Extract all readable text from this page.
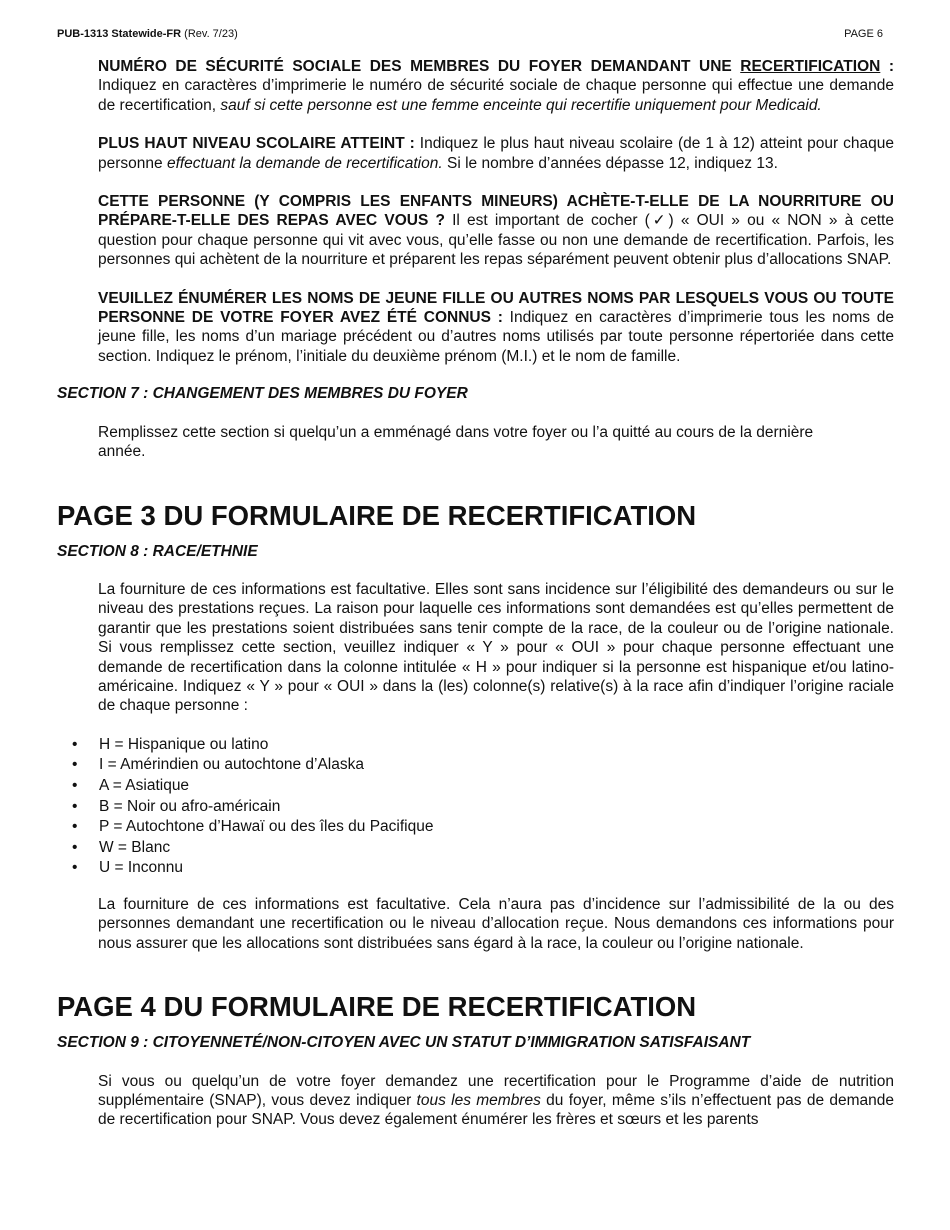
PUB-1313 Statewide-FR (Rev. 7/23)	PAGE 6

NUMÉRO DE SÉCURITÉ SOCIALE DES MEMBRES DU FOYER DEMANDANT UNE RECERTIFICATION : Indiquez en caractères d’imprimerie le numéro de sécurité sociale de chaque personne qui effectue une demande de recertification, sauf si cette personne est une femme enceinte qui recertifie uniquement pour Medicaid.

PLUS HAUT NIVEAU SCOLAIRE ATTEINT : Indiquez le plus haut niveau scolaire (de 1 à 12) atteint pour chaque personne effectuant la demande de recertification. Si le nombre d’années dépasse 12, indiquez 13.

CETTE PERSONNE (Y COMPRIS LES ENFANTS MINEURS) ACHÈTE-T-ELLE DE LA NOURRITURE OU PRÉPARE-T-ELLE DES REPAS AVEC VOUS ? Il est important de cocher (✓) « OUI » ou « NON » à cette question pour chaque personne qui vit avec vous, qu’elle fasse ou non une demande de recertification. Parfois, les personnes qui achètent de la nourriture et préparent les repas séparément peuvent obtenir plus d’allocations SNAP.

VEUILLEZ ÉNUMÉRER LES NOMS DE JEUNE FILLE OU AUTRES NOMS PAR LESQUELS VOUS OU TOUTE PERSONNE DE VOTRE FOYER AVEZ ÉTÉ CONNUS : Indiquez en caractères d’imprimerie tous les noms de jeune fille, les noms d’un mariage précédent ou d’autres noms utilisés par toute personne répertoriée dans cette section. Indiquez le prénom, l’initiale du deuxième prénom (M.I.) et le nom de famille.

SECTION 7 : CHANGEMENT DES MEMBRES DU FOYER

Remplissez cette section si quelqu’un a emménagé dans votre foyer ou l’a quitté au cours de la dernière année.

PAGE 3 DU FORMULAIRE DE RECERTIFICATION
SECTION 8 : RACE/ETHNIE

La fourniture de ces informations est facultative. Elles sont sans incidence sur l’éligibilité des demandeurs ou sur le niveau des prestations reçues. La raison pour laquelle ces informations sont demandées est qu’elles permettent de garantir que les prestations soient distribuées sans tenir compte de la race, de la couleur ou de l’origine nationale. Si vous remplissez cette section, veuillez indiquer « Y » pour « OUI » pour chaque personne effectuant une demande de recertification dans la colonne intitulée « H » pour indiquer si la personne est hispanique et/ou latino-américaine. Indiquez « Y » pour « OUI » dans la (les) colonne(s) relative(s) à la race afin d’indiquer l’origine raciale de chaque personne :

• H = Hispanique ou latino
• I = Amérindien ou autochtone d’Alaska
• A = Asiatique
• B = Noir ou afro-américain
• P = Autochtone d’Hawaï ou des îles du Pacifique
• W = Blanc
• U = Inconnu

La fourniture de ces informations est facultative. Cela n’aura pas d’incidence sur l’admissibilité de la ou des personnes demandant une recertification ou le niveau d’allocation reçue. Nous demandons ces informations pour nous assurer que les allocations sont distribuées sans égard à la race, la couleur ou l’origine nationale.

PAGE 4 DU FORMULAIRE DE RECERTIFICATION
SECTION 9 : CITOYENNETÉ/NON-CITOYEN AVEC UN STATUT D’IMMIGRATION SATISFAISANT

Si vous ou quelqu’un de votre foyer demandez une recertification pour le Programme d’aide de nutrition supplémentaire (SNAP), vous devez indiquer tous les membres du foyer, même s’ils n’effectuent pas de demande de recertification pour SNAP. Vous devez également énumérer les frères et sœurs et les parents
